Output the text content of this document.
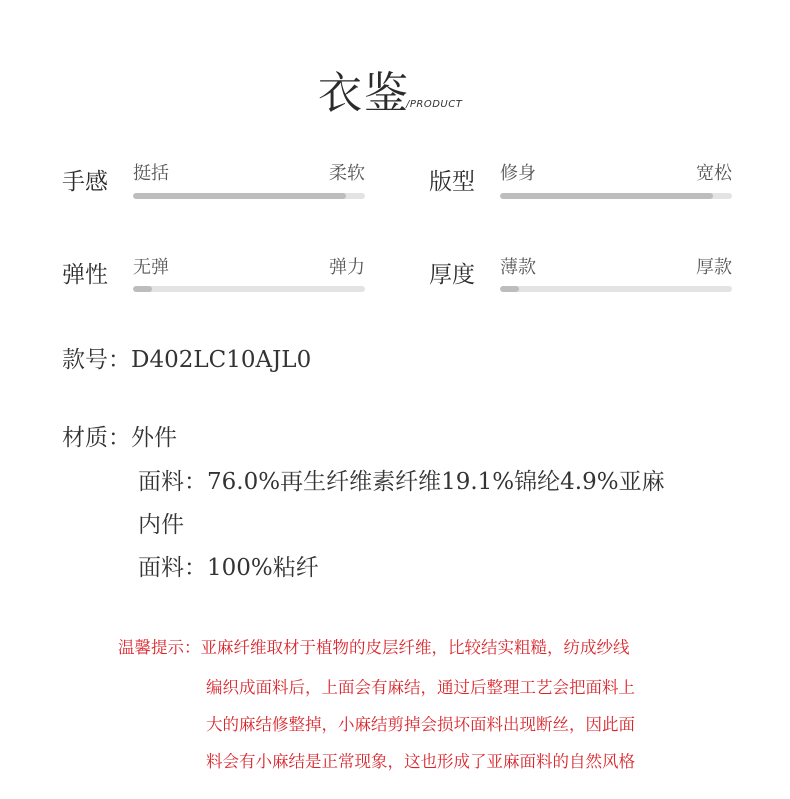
衣鉴
/PRODUCT
手感 挺括	柔软	版型 修身	宽松
弹性 无弹	弹力	厚度 薄款	厚款
款号：D402LC10AJL0
材质：外件
面料：76.0%再生纤维素纤维19.1%锦纶4.9%亚麻
内件
面料：100%粘纤
温馨提示：亚麻纤维取材于植物的皮层纤维，比较结实粗糙，纺成纱线
编织成面料后，上面会有麻结，通过后整理工艺会把面料上
大的麻结修整掉，小麻结剪掉会损坏面料出现断丝，因此面
料会有小麻结是正常现象，这也形成了亚麻面料的自然风格
